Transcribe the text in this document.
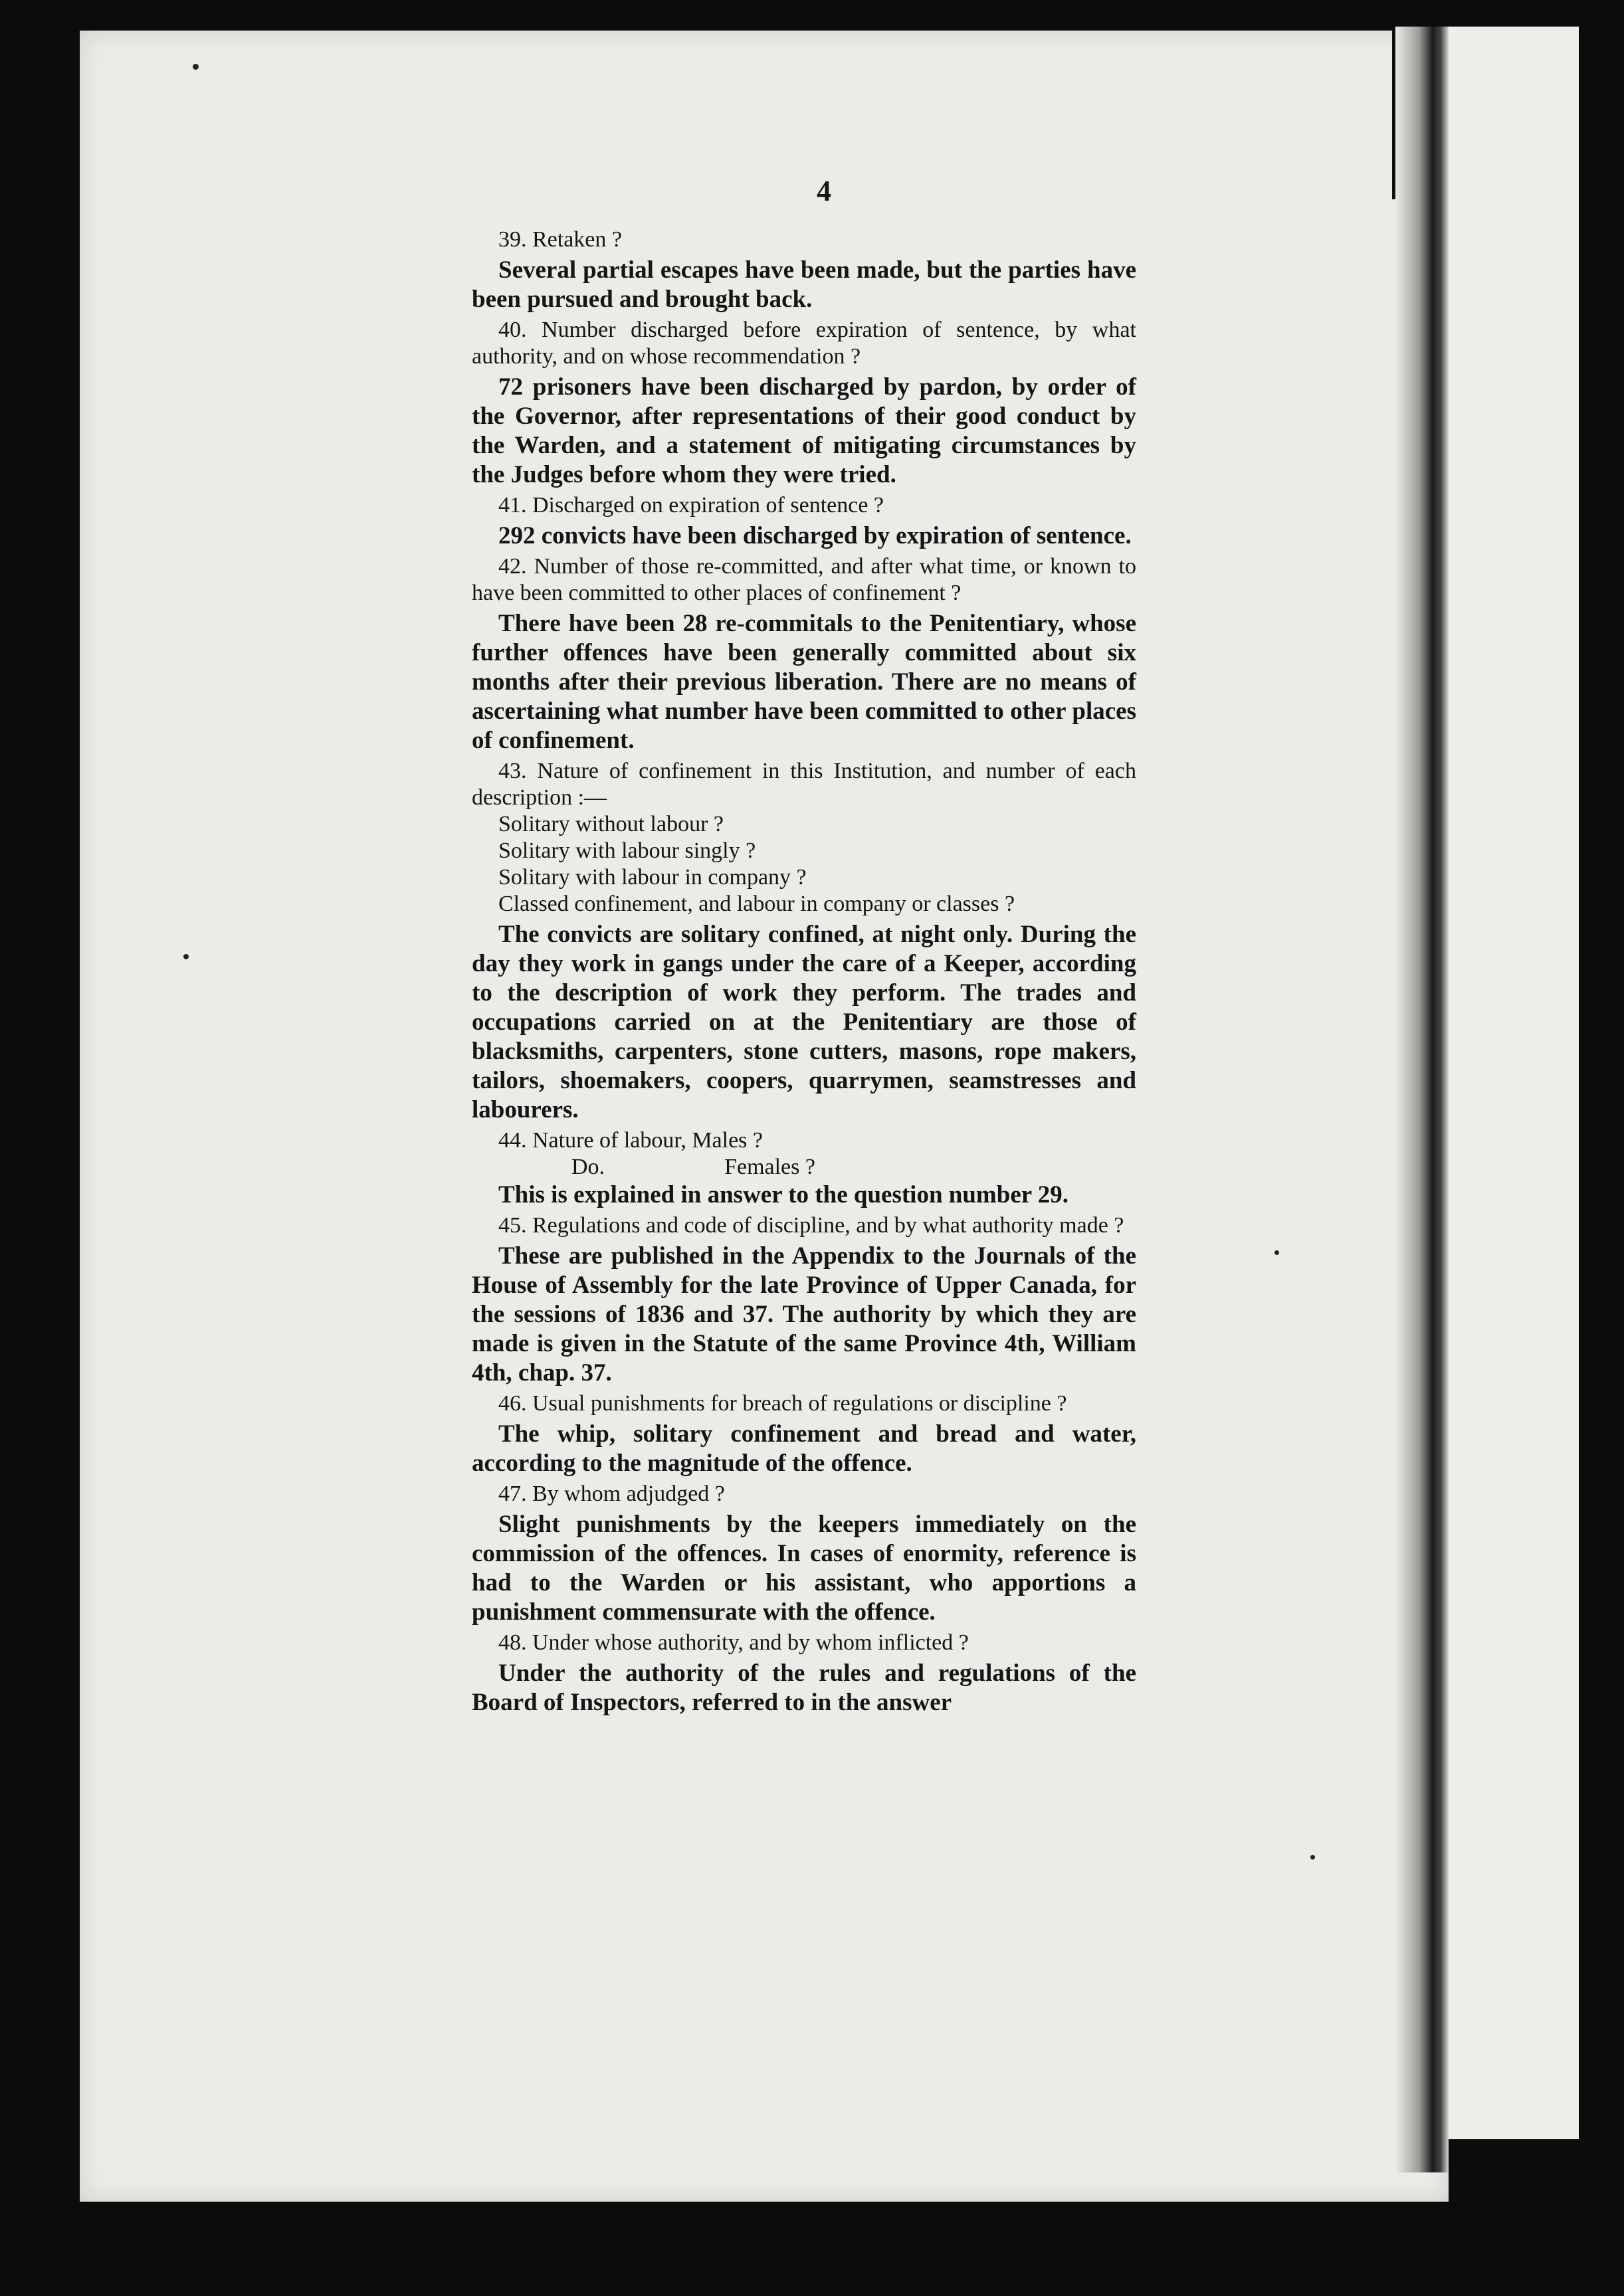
4

39. Retaken ?

Several partial escapes have been made, but the parties have been pursued and brought back.

40. Number discharged before expiration of sentence, by what authority, and on whose recommendation ?

72 prisoners have been discharged by pardon, by order of the Governor, after representations of their good conduct by the Warden, and a statement of mitigating circumstances by the Judges before whom they were tried.

41. Discharged on expiration of sentence ?

292 convicts have been discharged by expiration of sentence.

42. Number of those re-committed, and after what time, or known to have been committed to other places of confinement ?

There have been 28 re-commitals to the Penitentiary, whose further offences have been generally committed about six months after their previous liberation. There are no means of ascertaining what number have been committed to other places of confinement.

43. Nature of confinement in this Institution, and number of each description :—

Solitary without labour ?
Solitary with labour singly ?
Solitary with labour in company ?

Classed confinement, and labour in company or classes ?

The convicts are solitary confined, at night only. During the day they work in gangs under the care of a Keeper, according to the description of work they perform. The trades and occupations carried on at the Penitentiary are those of blacksmiths, carpenters, stone cutters, masons, rope makers, tailors, shoemakers, coopers, quarrymen, seamstresses and labourers.

44. Nature of labour, Males ?

Do.	Females ?

This is explained in answer to the question number 29.

45. Regulations and code of discipline, and by what authority made ?

These are published in the Appendix to the Journals of the House of Assembly for the late Province of Upper Canada, for the sessions of 1836 and 37. The authority by which they are made is given in the Statute of the same Province 4th, William 4th, chap. 37.

46. Usual punishments for breach of regulations or discipline ?

The whip, solitary confinement and bread and water, according to the magnitude of the offence.

47. By whom adjudged ?

Slight punishments by the keepers immediately on the commission of the offences. In cases of enormity, reference is had to the Warden or his assistant, who apportions a punishment commensurate with the offence.

48. Under whose authority, and by whom inflicted ?

Under the authority of the rules and regulations of the Board of Inspectors, referred to in the answer
